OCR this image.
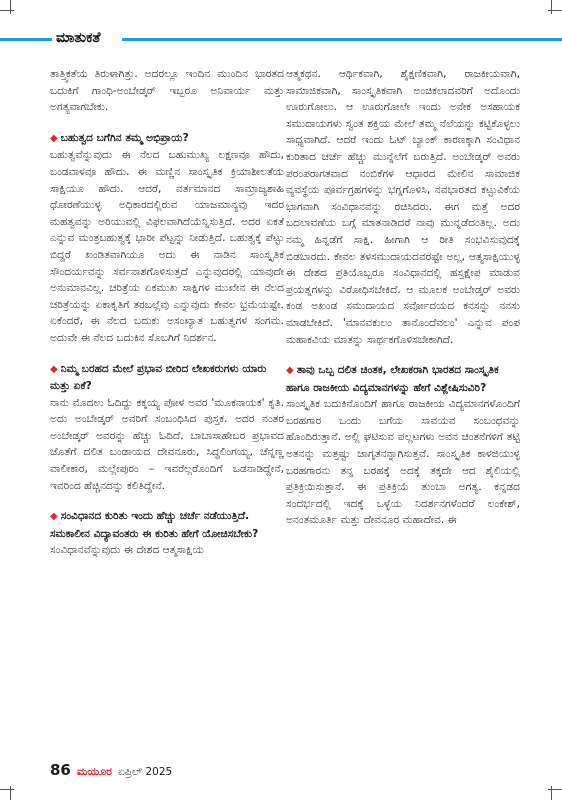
ಮಾತುಕತೆ

ತಾತ್ತ್ವಿಕತೆಯ ತಿರುಳಾಗಿತ್ತು. ಅದರಲ್ಲೂ ಇಂದಿನ ಮುಂದಿನ ಭಾರತದ ಬದುಕಿಗೆ ಗಾಂಧಿ-ಅಂಬೇಡ್ಕರ್ ಇಬ್ಬರೂ ಅನಿವಾರ್ಯ ಮತ್ತು ಅಗತ್ಯವಾಗಬೇಕು.

◆ ಬಹುತ್ವದ ಬಗೆಗಿನ ತಮ್ಮ ಅಭಿಪ್ರಾಯ?

ಬಹುತ್ವವೆನ್ನುವುದು ಈ ನೆಲದ ಬಹುಮುಖ್ಯ ಲಕ್ಷಣವೂ ಹೌದು, ಬಂಡವಾಳವೂ ಹೌದು. ಈ ಮಣ್ಣಿನ ಸಾಂಸ್ಕೃತಿಕ ಕ್ರಿಯಾಶೀಲತೆಯ ಸಾಕ್ಷಿಯೂ ಹೌದು. ಆದರೆ, ವರ್ತಮಾನದ ಸಾಮ್ರಾಜ್ಯಶಾಹಿ ಧೋರಣೆಯುಳ್ಳ ಅಧಿಕಾರದಲ್ಲಿರುವ ಯಾಜಮಾನ್ಯವು ಇದರ ಮಹತ್ವವನ್ನು ಅರಿಯುವಲ್ಲಿ ವಿಫಲವಾಗಿದೆಯೆನ್ನಿಸುತ್ತಿದೆ. ಅದರ ಏಕತೆ ಎನ್ನುವ ಮಂತ್ರಬಹುತ್ವಕ್ಕೆ ಭಾರೀ ಪೆಟ್ಟನ್ನು ನೀಡುತ್ತಿದೆ. ಬಹುತ್ವಕ್ಕೆ ಪೆಟ್ಟು ಬಿದ್ದರೆ ಖಂಡಿತವಾಗಿಯೂ ಅದು ಈ ನಾಡಿನ ಸಾಂಸ್ಕೃತಿಕ ಸೌಂದರ್ಯವನ್ನು ಸರ್ವನಾಶಗೊಳಿಸುತ್ತದೆ ಎನ್ನುವುದರಲ್ಲಿ ಯಾವುದೇ ಅನುಮಾನವಿಲ್ಲ. ಚರಿತ್ರೆಯ ಏಕಮುಖ ಸಾಕ್ಷಿಗಳ ಮುಖೇನ ಈ ನೆಲದ ಚರಿತ್ರೆಯನ್ನು ಏಕಾಕೃತಿಗೆ ತರಬಲ್ಲೆವು ಎನ್ನುವುದು ಕೇವಲ ಭ್ರಮೆಯಷ್ಟೇ. ಏಕೆಂದರೆ, ಈ ನೆಲದ ಬದುಕು ಅಸಂಖ್ಯಾತ ಬಹುತ್ವಗಳ ಸಂಗಮ. ಅದುವೇ ಈ ನೆಲದ ಬದುಕಿನ ಸೊಬಗಿಗೆ ನಿದರ್ಶನ.

◆ ನಿಮ್ಮ ಬರಹದ ಮೇಲೆ ಪ್ರಭಾವ ಬೀರಿದ ಲೇಖಕರುಗಳು ಯಾರು ಮತ್ತು ಏಕೆ?

ನಾನು ಮೊದಲು ಓದಿದ್ದು ಕಕ್ಕಯ್ಯ ಪೋಳ ಅವರ 'ಮೂಕನಾಯಕ' ಕೃತಿ. ಅದು ಅಂಬೇಡ್ಕರ್ ಅವರಿಗೆ ಸಂಬಂಧಿಸಿದ ಪುಸ್ತಕ. ಅದರ ನಂತರ ಅಂಬೇಡ್ಕರ್ ಅವರನ್ನು ಹೆಚ್ಚು ಓದಿದೆ. ಬಾಬಾಸಾಹೇಬರ ಪ್ರಭಾವದ ಜೊತೆಗೆ ದಲಿತ ಬಂಡಾಯದ ದೇವನೂರು, ಸಿದ್ಧಲಿಂಗಯ್ಯ, ಚೆನ್ನಣ್ಣ ವಾಲೀಕಾರ, ಮಲ್ಲೇಪುರಂ – ಇವರೆಲ್ಲರೊಂದಿಗೆ ಒಡನಾಡಿದ್ದೇನೆ, ಇವರಿಂದ ಹೆಚ್ಚಿನದನ್ನು ಕಲಿತಿದ್ದೇನೆ.

◆ ಸಂವಿಧಾನದ ಕುರಿತು ಇಂದು ಹೆಚ್ಚು ಚರ್ಚೆ ನಡೆಯುತ್ತಿದೆ. ಸಮಕಾಲೀನ ವಿದ್ಯಾವಂತರು ಈ ಕುರಿತು ಹೇಗೆ ಯೋಚಿಸಬೇಕು?

ಸಂವಿಧಾನವೆನ್ನುವುದು ಈ ದೇಶದ ಆತ್ಮಸಾಕ್ಷಿಯ

ಆತ್ಮಕಥನ. ಆರ್ಥಿಕವಾಗಿ, ಶೈಕ್ಷಣಿಕವಾಗಿ, ರಾಜಕೀಯವಾಗಿ, ಸಾಮಾಜಿಕವಾಗಿ, ಸಾಂಸ್ಕೃತಿಕವಾಗಿ ಅಂಚಿಕಲಾದವರಿಗೆ ಅದೊಂದು ಊರುಗೋಲು. ಆ ಊರುಗೋಲೇ ಇಂದು ಅನೇಕ ಅಸಹಾಯಕ ಸಮುದಾಯಗಳು ಸ್ವಂತ ಶಕ್ತಿಯ ಮೇಲೆ ತಮ್ಮ ನೆಲೆಯನ್ನು ಕಟ್ಟಿಕೊಳ್ಳಲು ಸಾಧ್ಯವಾಗಿದೆ. ಆದರೆ ಇಂದು ಓಟ್ ಬ್ಯಾಂಕ್ ಕಾರಣಕ್ಕಾಗಿ ಸಂವಿಧಾನ ಕುರಿತಾದ ಚರ್ಚೆ ಹೆಚ್ಚು ಮುನ್ನೆಲೆಗೆ ಬರುತ್ತಿದೆ. ಅಂಬೇಡ್ಕರ್ ಅವರು ಪರಂಪರಾಗತವಾದ ನಂಬಿಕೆಗಳ ಆಧಾರದ ಮೇಲಿನ ಸಾಮಾಜಿಕ ವ್ಯವಸ್ಥೆಯ ಪೂರ್ವಗ್ರಹಗಳನ್ನು ಭಗ್ನಗೊಳಿಸಿ, ನವಭಾರತದ ಕಟ್ಟುವಿಕೆಯ ಭಾಗವಾಗಿ ಸಂವಿಧಾನವನ್ನು ರಚಿಸಿದರು. ಈಗ ಮತ್ತೆ ಅದರ ಬದಲಾವಣೆಯ ಬಗ್ಗೆ ಮಾತನಾಡಿದರೆ ನಾವು ಮುನ್ನಡೆದಂತಿಲ್ಲ. ಅದು ನಮ್ಮ ಹಿನ್ನಡೆಗೆ ಸಾಕ್ಷಿ. ಹೀಗಾಗಿ ಆ ರೀತಿ ಸಂಭವಿಸುವುದಕ್ಕೆ ಬಿಡಬಾರದು. ಕೇವಲ ತಳಸಮುದಾಯದವರಷ್ಟೇ ಅಲ್ಲ, ಆತ್ಮಸಾಕ್ಷಿಯುಳ್ಳ ಈ ದೇಶದ ಪ್ರತಿಯೊಬ್ಬರೂ ಸಂವಿಧಾನದಲ್ಲಿ ಹಸ್ತಕ್ಷೇಪ ಮಾಡುವ ಪ್ರಯತ್ನಗಳನ್ನು ವಿರೋಧಿಸಬೇಕಿದೆ. ಆ ಮೂಲಕ ಅಂಬೇಡ್ಕರ್ ಅವರು ಕಂಡ ಅಖಂಡ ಸಮುದಾಯದ ಸರ್ವೋದಯದ ಕನಸನ್ನು ನನಸು ಮಾಡಬೇಕಿದೆ. 'ಮಾನವಕುಲಂ ತಾನೊಂದೆವಲಂ' ಎನ್ನುವ ಪಂಪ ಮಹಾಕವಿಯ ಮಾತನ್ನು ಸಾರ್ಥಕಗೊಳಿಸಬೇಕಾಗಿದೆ.

◆ ತಾವು ಒಬ್ಬ ದಲಿತ ಚಿಂತಕ, ಲೇಖಕರಾಗಿ ಭಾರತದ ಸಾಂಸ್ಕೃತಿಕ ಹಾಗೂ ರಾಜಕೀಯ ವಿದ್ಯಮಾನಗಳನ್ನು ಹೇಗೆ ವಿಶ್ಲೇಷಿಸುವಿರಿ?

ಸಾಂಸ್ಕೃತಿಕ ಬದುಕಿನೊಂದಿಗೆ ಹಾಗೂ ರಾಜಕೀಯ ವಿದ್ಯಮಾನಗಳೊಂದಿಗೆ ಬರಹಗಾರ ಒಂದು ಬಗೆಯ ಸಾವಯವ ಸಂಬಂಧವನ್ನು ಹೊಂದಿರುತ್ತಾನೆ. ಅಲ್ಲಿ ಘಟಿಸುವ ಪಲ್ಲಟಗಳು ಅವನ ಚಿಂತನೆಗಳಿಗೆ ತಟ್ಟಿ ಅತನನ್ನು ಮತ್ತಷ್ಟು ಜಾಗೃತನನ್ನಾಗಿಸುತ್ತವೆ. ಸಾಂಸ್ಕೃತಿಕ ಕಾಳಜಿಯುಳ್ಳ ಬರಹಗಾರನು ತನ್ನ ಬರಹಕ್ಕೆ ಅದಕ್ಕೆ ತಕ್ಕದೇ ಆದ ಶೈಲಿಯಲ್ಲಿ ಪ್ರತಿಕ್ರಿಯಿಸುತ್ತಾನೆ. ಈ ಪ್ರತಿಕ್ರಿಯೆ ತುಂಬಾ ಅಗತ್ಯ. ಕನ್ನಡದ ಸಂದರ್ಭದಲ್ಲಿ ಇದಕ್ಕೆ ಒಳ್ಳೆಯ ನಿದರ್ಶನಗಳೆಂದರೆ ಲಂಕೇಶ್, ಅನಂತಮೂರ್ತಿ ಮತ್ತು ದೇವನೂರ ಮಹಾದೇವ. ಈ

86 ಮಯೂರ ಏಪ್ರಿಲ್ 2025
